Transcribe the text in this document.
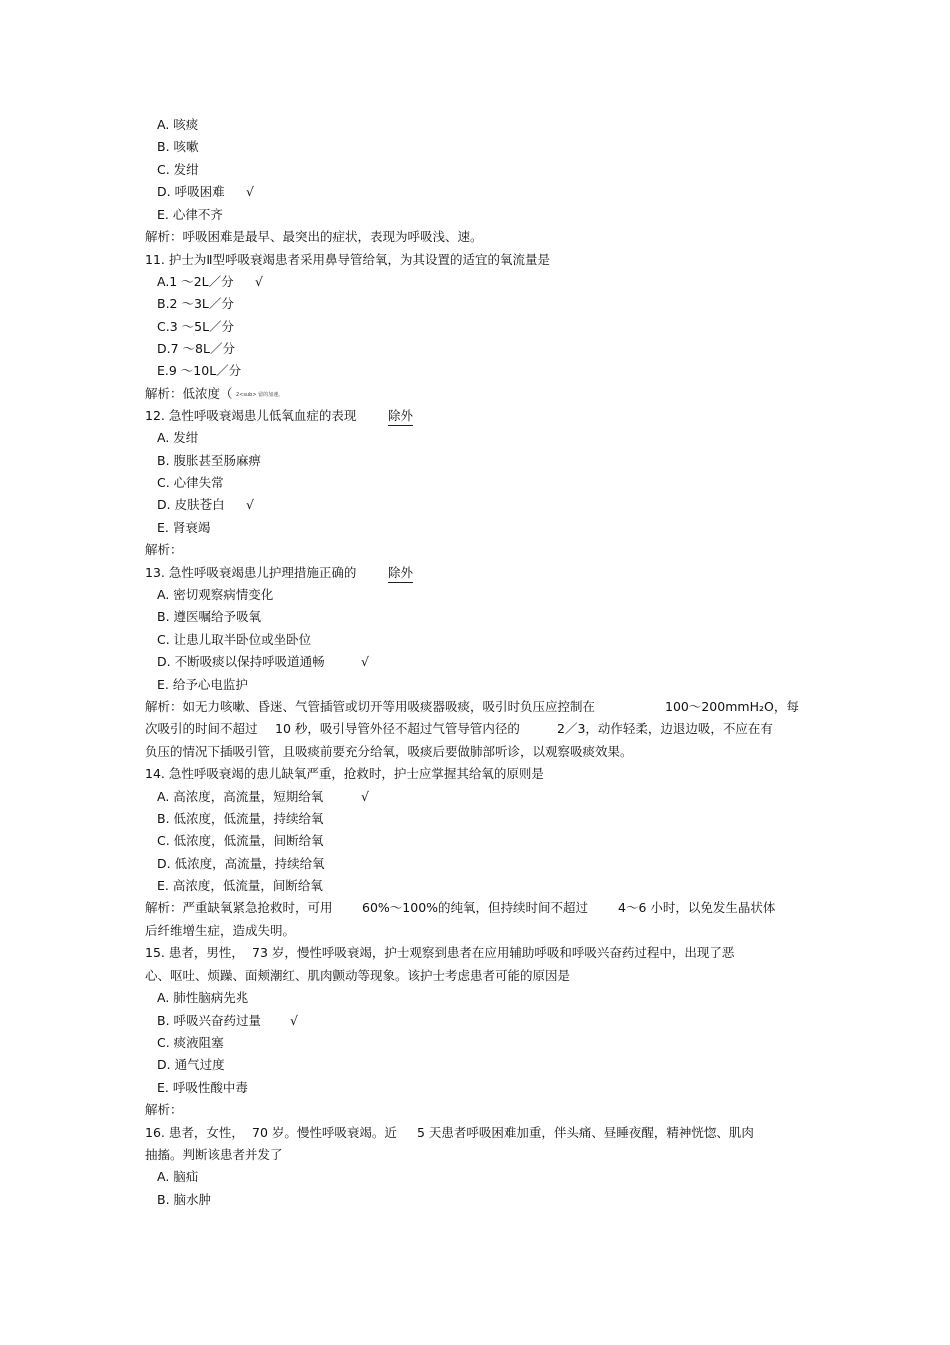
A. 咳痰
B. 咳嗽
C. 发绀
D. 呼吸困难 √
E. 心律不齐
解析：呼吸困难是最早、最突出的症状，表现为呼吸浅、速。
11. 护士为Ⅱ型呼吸衰竭患者采用鼻导管给氧，为其设置的适宜的氧流量是
A.1 ～2L／分 √
B.2 ～3L／分
C.3 ～5L／分
D.7 ～8L／分
E.9 ～10L／分
解析：低浓度（ 2<sub> 留的加速。
12. 急性呼吸衰竭患儿低氧血症的表现	除外
A. 发绀
B. 腹胀甚至肠麻痹
C. 心律失常
D. 皮肤苍白 √
E. 肾衰竭
解析：
13. 急性呼吸衰竭患儿护理措施正确的	除外
A. 密切观察病情变化
B. 遵医嘱给予吸氧
C. 让患儿取半卧位或坐卧位
D. 不断吸痰以保持呼吸道通畅	√
E. 给予心电监护
解析：如无力咳嗽、昏迷、气管插管或切开等用吸痰器吸痰，吸引时负压应控制在	100～200mmH₂O，每
次吸引的时间不超过 10 秒，吸引导管外径不超过气管导管内径的	2／3，动作轻柔，边退边吸，不应在有
负压的情况下插吸引管，且吸痰前要充分给氧，吸痰后要做肺部听诊，以观察吸痰效果。
14. 急性呼吸衰竭的患儿缺氧严重，抢救时，护士应掌握其给氧的原则是
A. 高浓度，高流量，短期给氧	√
B. 低浓度，低流量，持续给氧
C. 低浓度，低流量，间断给氧
D. 低浓度，高流量，持续给氧
E. 高浓度，低流量，间断给氧
解析：严重缺氧紧急抢救时，可用 60%～100%的纯氧，但持续时间不超过 4～6 小时，以免发生晶状体
后纤维增生症，造成失明。
15. 患者，男性， 73 岁，慢性呼吸衰竭，护士观察到患者在应用辅助呼吸和呼吸兴奋药过程中，出现了恶
心、呕吐、烦躁、面颊潮红、肌肉颤动等现象。该护士考虑患者可能的原因是
A. 肺性脑病先兆
B. 呼吸兴奋药过量 √
C. 痰液阻塞
D. 通气过度
E. 呼吸性酸中毒
解析：
16. 患者，女性， 70 岁。慢性呼吸衰竭。近 5 天患者呼吸困难加重，伴头痛、昼睡夜醒，精神恍惚、肌肉
抽搐。判断该患者并发了
A. 脑疝
B. 脑水肿
